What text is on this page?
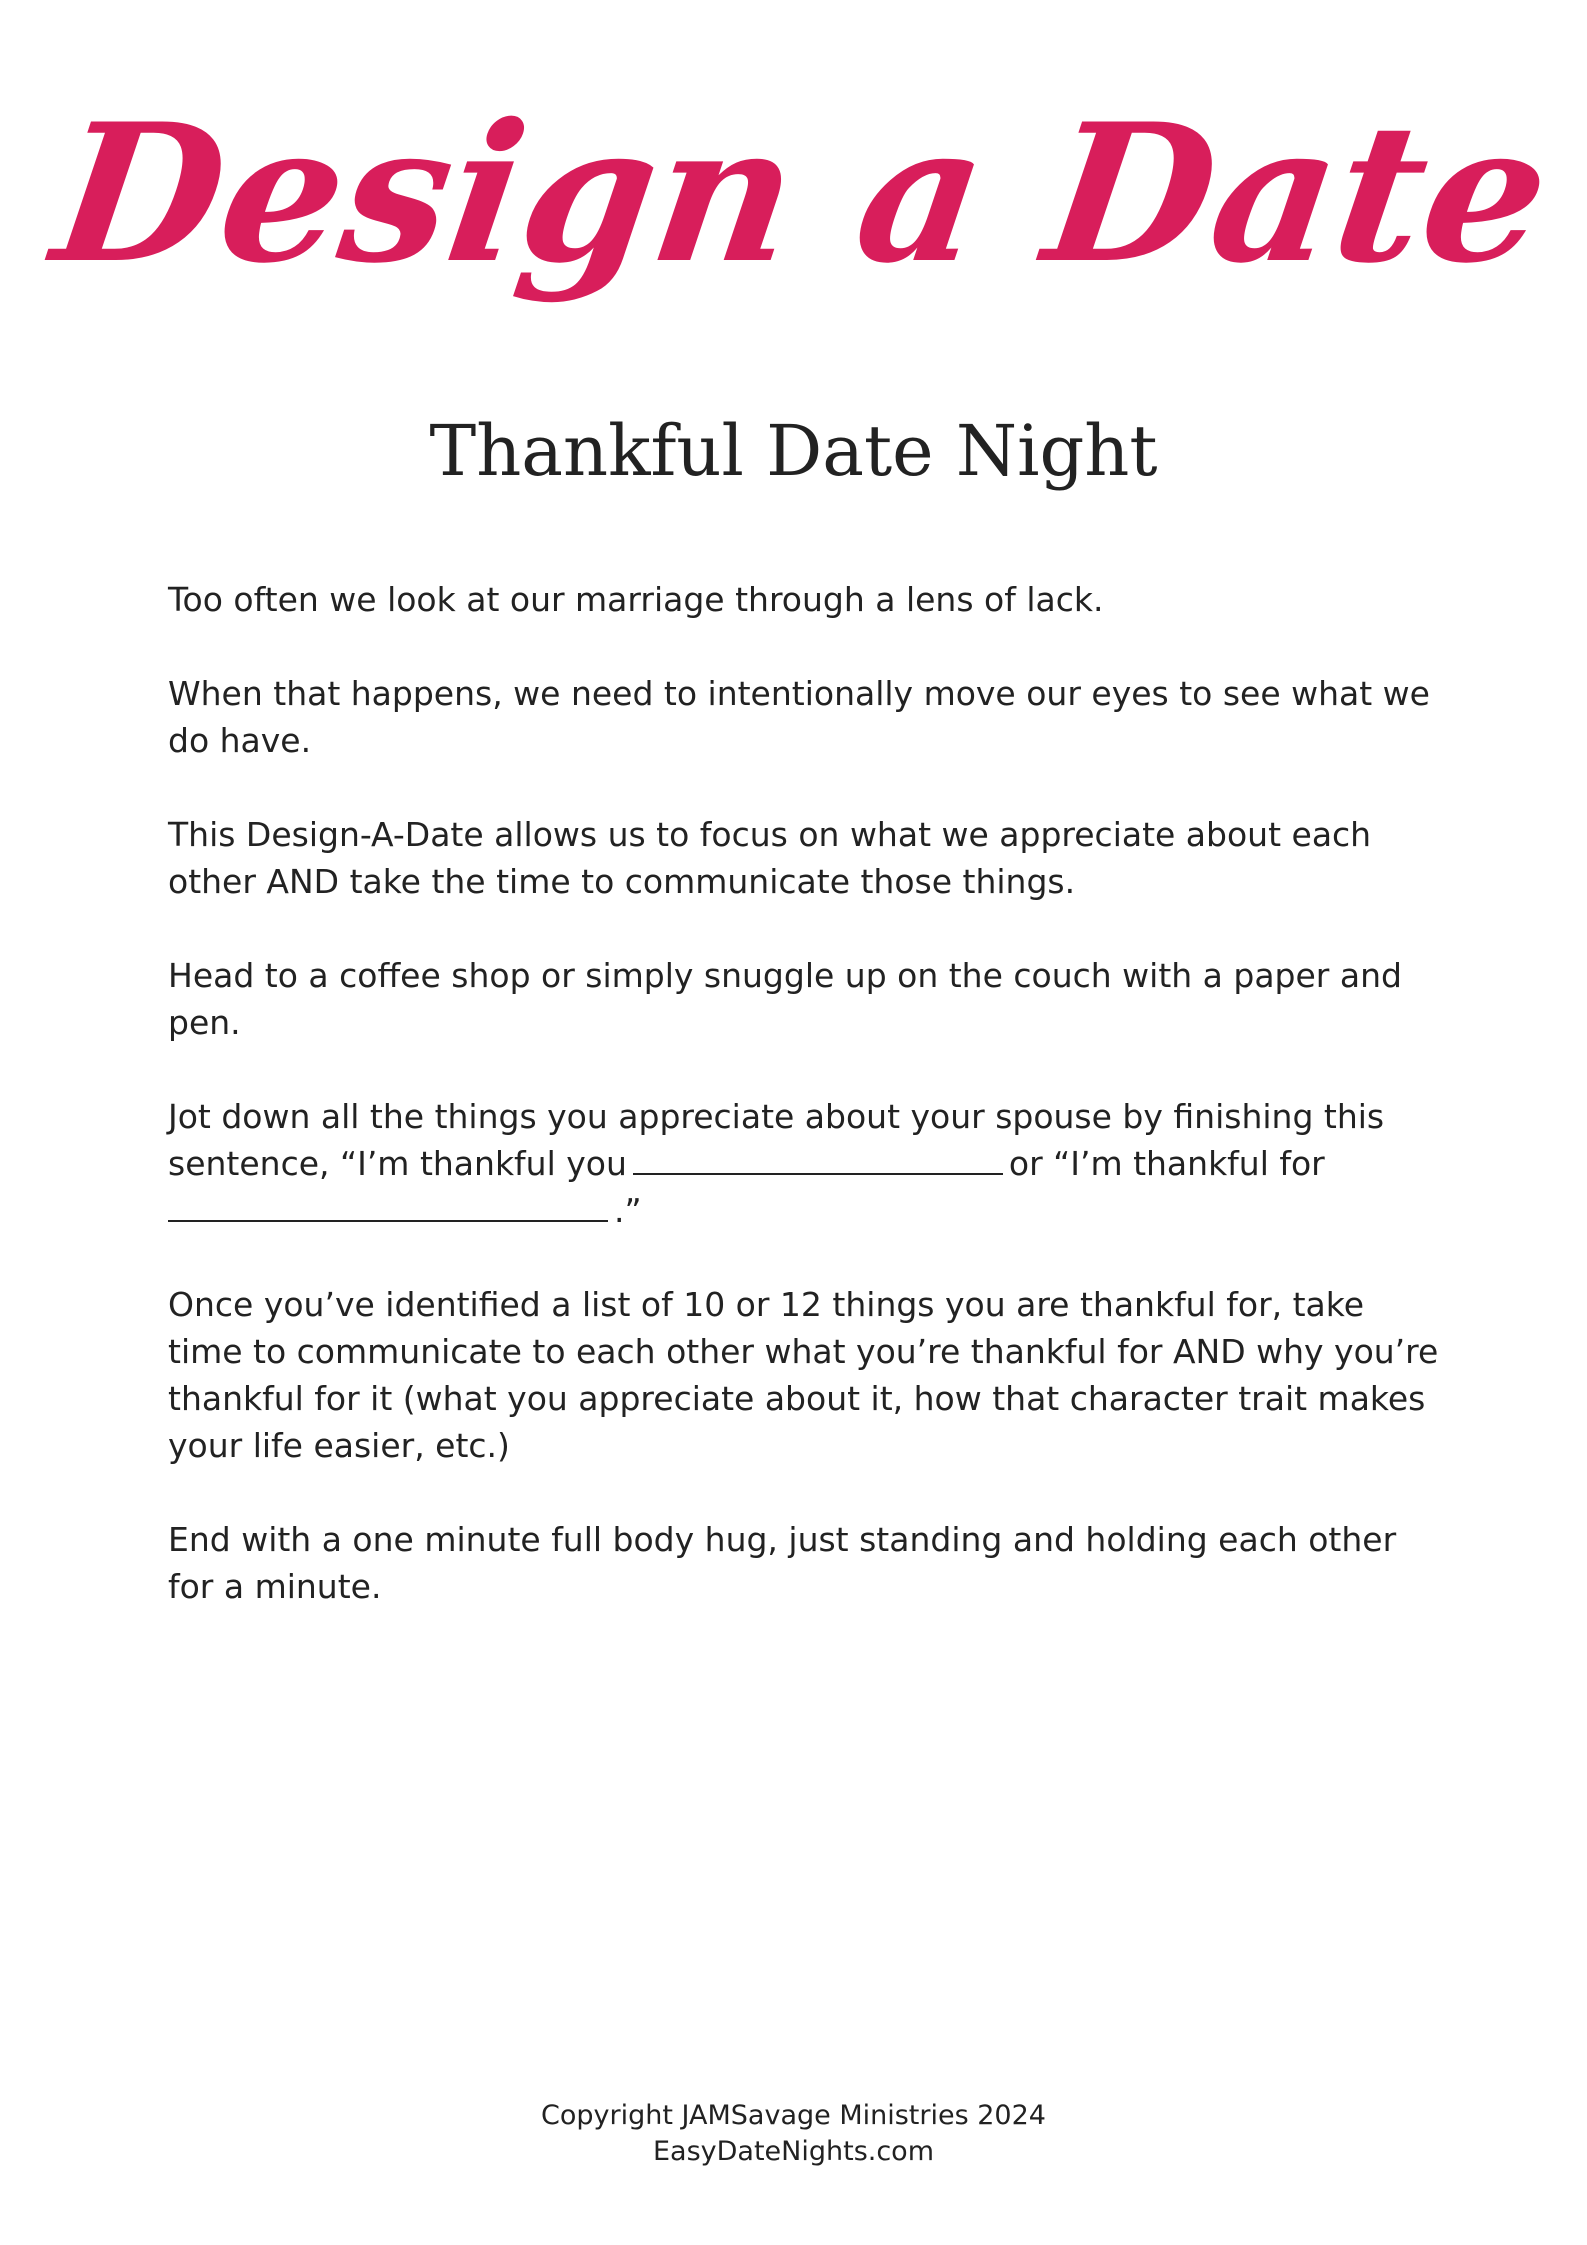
Design a Date
Thankful Date Night

Too often we look at our marriage through a lens of lack.

When that happens, we need to intentionally move our eyes to see what we do have.

This Design-A-Date allows us to focus on what we appreciate about each other AND take the time to communicate those things.

Head to a coffee shop or simply snuggle up on the couch with a paper and pen.

Jot down all the things you appreciate about your spouse by finishing this sentence, “I’m thankful you	or “I’m thankful for .”

Once you’ve identified a list of 10 or 12 things you are thankful for, take time to communicate to each other what you’re thankful for AND why you’re thankful for it (what you appreciate about it, how that character trait makes your life easier, etc.)

End with a one minute full body hug, just standing and holding each other for a minute.

Copyright JAMSavage Ministries 2024
EasyDateNights.com
